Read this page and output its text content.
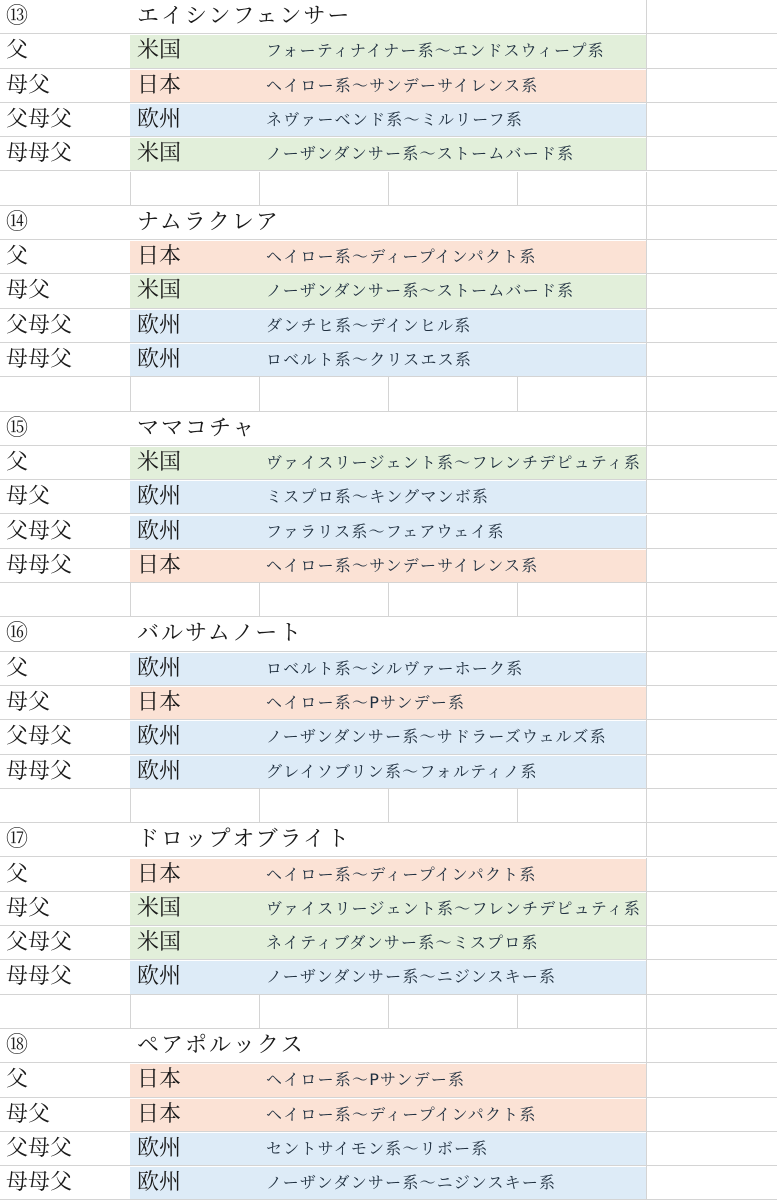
⑬	エイシンフェンサー
父	米国	フォーティナイナー系～エンドスウィープ系
母父	日本	ヘイロー系～サンデーサイレンス系
父母父	欧州	ネヴァーベンド系～ミルリーフ系
母母父	米国	ノーザンダンサー系～ストームバード系
⑭	ナムラクレア
父	日本	ヘイロー系～ディープインパクト系
母父	米国	ノーザンダンサー系～ストームバード系
父母父	欧州	ダンチヒ系～デインヒル系
母母父	欧州	ロベルト系～クリスエス系
⑮	ママコチャ
父	米国	ヴァイスリージェント系～フレンチデピュティ系
母父	欧州	ミスプロ系～キングマンボ系
父母父	欧州	ファラリス系～フェアウェイ系
母母父	日本	ヘイロー系～サンデーサイレンス系
⑯	バルサムノート
父	欧州	ロベルト系～シルヴァーホーク系
母父	日本	ヘイロー系～Pサンデー系
父母父	欧州	ノーザンダンサー系～サドラーズウェルズ系
母母父	欧州	グレイソブリン系～フォルティノ系
⑰	ドロップオブライト
父	日本	ヘイロー系～ディープインパクト系
母父	米国	ヴァイスリージェント系～フレンチデピュティ系
父母父	米国	ネイティブダンサー系～ミスプロ系
母母父	欧州	ノーザンダンサー系～ニジンスキー系
⑱	ペアポルックス
父	日本	ヘイロー系～Pサンデー系
母父	日本	ヘイロー系～ディープインパクト系
父母父	欧州	セントサイモン系～リボー系
母母父	欧州	ノーザンダンサー系～ニジンスキー系
